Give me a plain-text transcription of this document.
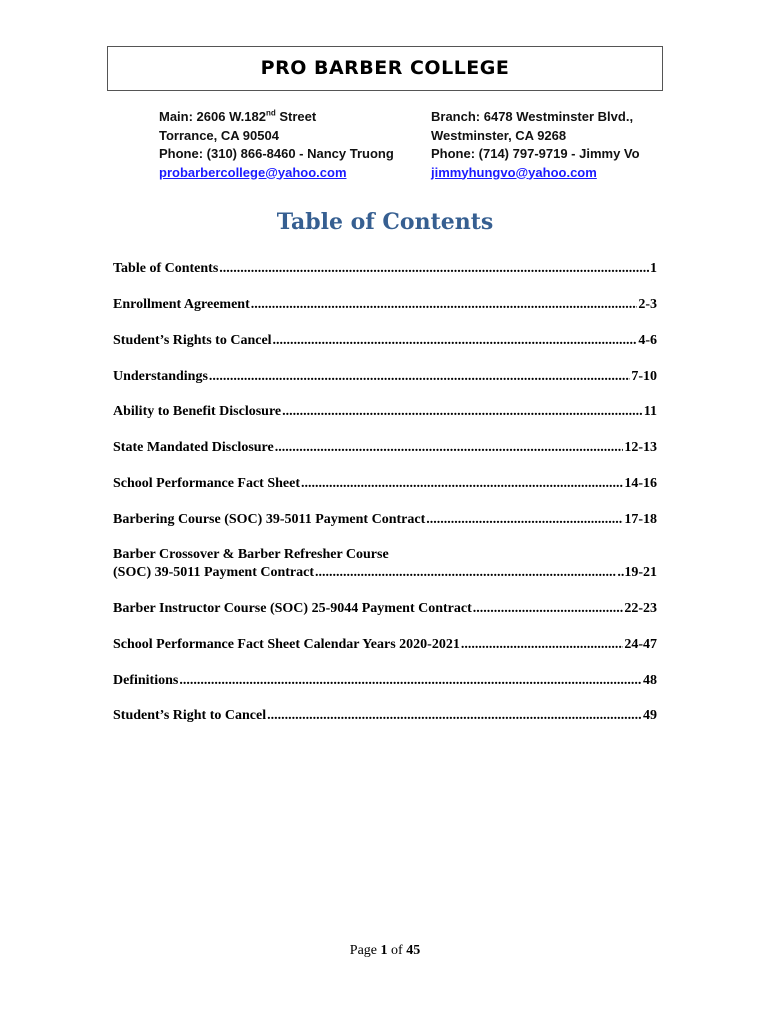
PRO BARBER COLLEGE
Main: 2606 W.182nd Street
Torrance, CA 90504
Phone: (310) 866-8460 - Nancy Truong
probarbercollege@yahoo.com
Branch: 6478 Westminster Blvd.,
Westminster, CA 9268
Phone: (714) 797-9719 - Jimmy Vo
jimmyhungvo@yahoo.com
Table of Contents
Table of Contents .....	1
Enrollment Agreement .....	2-3
Student’s Rights to Cancel .....	4-6
Understandings .....	7-10
Ability to Benefit Disclosure .....	11
State Mandated Disclosure .....	12-13
School Performance Fact Sheet .....	14-16
Barbering Course (SOC) 39-5011 Payment Contract .....	17-18
Barber Crossover & Barber Refresher Course
(SOC) 39-5011 Payment Contract .....	..19-21
Barber Instructor Course (SOC) 25-9044 Payment Contract .....	22-23
School Performance Fact Sheet Calendar Years 2020-2021 .....	24-47
Definitions .....	48
Student’s Right to Cancel .....	49
Page 1 of 45
